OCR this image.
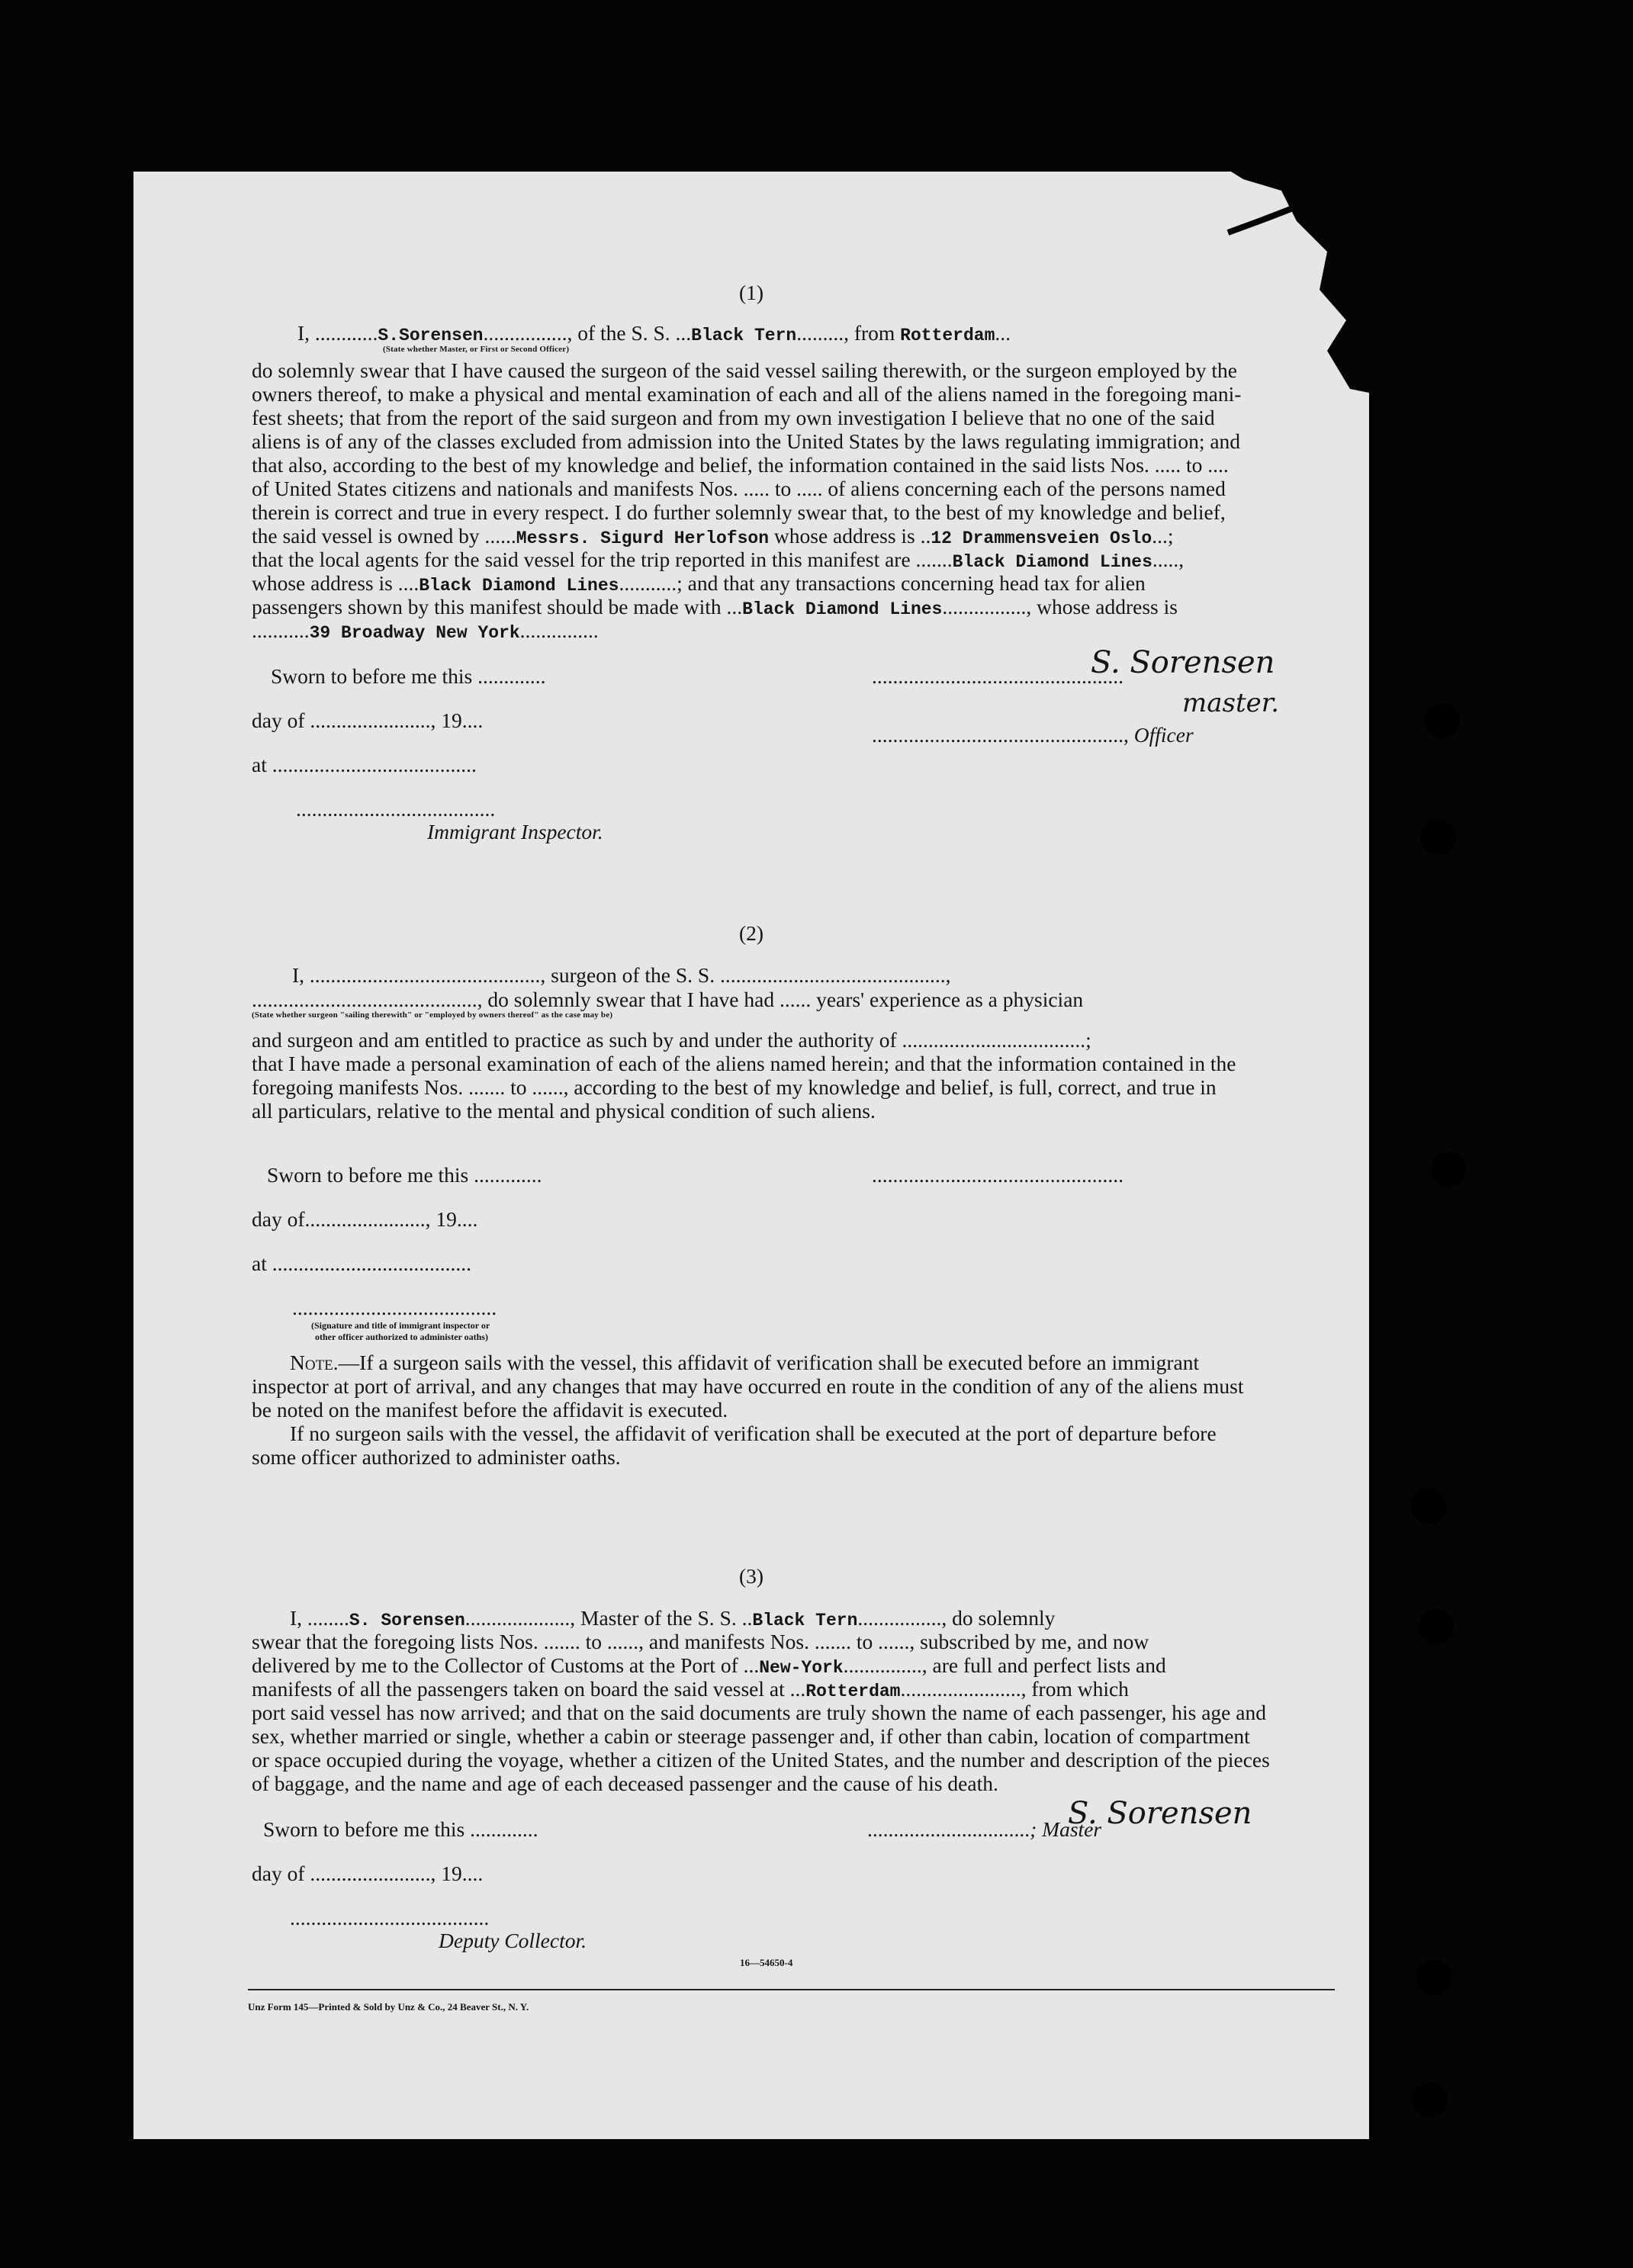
(1)
I, ............S.Sorensen................, of the S. S. ...Black Tern........., from Rotterdam...
(State whether Master, or First or Second Officer)
do solemnly swear that I have caused the surgeon of the said vessel sailing therewith, or the surgeon employed by the
owners thereof, to make a physical and mental examination of each and all of the aliens named in the foregoing mani-
fest sheets; that from the report of the said surgeon and from my own investigation I believe that no one of the said
aliens is of any of the classes excluded from admission into the United States by the laws regulating immigration; and
that also, according to the best of my knowledge and belief, the information contained in the said lists Nos. ..... to ....
of United States citizens and nationals and manifests Nos. ..... to ..... of aliens concerning each of the persons named
therein is correct and true in every respect. I do further solemnly swear that, to the best of my knowledge and belief,
the said vessel is owned by ......Messrs. Sigurd Herlofson whose address is ..12 Drammensveien Oslo...;
that the local agents for the said vessel for the trip reported in this manifest are .......Black Diamond Lines.....,
whose address is ....Black Diamond Lines...........; and that any transactions concerning head tax for alien
passengers shown by this manifest should be made with ...Black Diamond Lines................, whose address is
...........39 Broadway New York...............
Sworn to before me this .............	................................................
S. Sorensen
master.
day of ......................., 19....
................................................, Officer
at .......................................
......................................
Immigrant Inspector.
(2)
I, ............................................, surgeon of the S. S. ...........................................,
..........................................., do solemnly swear that I have had ...... years' experience as a physician
(State whether surgeon "sailing therewith" or "employed by owners thereof" as the case may be)
and surgeon and am entitled to practice as such by and under the authority of ...................................;
that I have made a personal examination of each of the aliens named herein; and that the information contained in the
foregoing manifests Nos. ....... to ......, according to the best of my knowledge and belief, is full, correct, and true in
all particulars, relative to the mental and physical condition of such aliens.
Sworn to before me this .............	................................................
day of......................., 19....
at ......................................
.......................................
(Signature and title of immigrant inspector or
other officer authorized to administer oaths)
Note.—If a surgeon sails with the vessel, this affidavit of verification shall be executed before an immigrant
inspector at port of arrival, and any changes that may have occurred en route in the condition of any of the aliens must
be noted on the manifest before the affidavit is executed.
If no surgeon sails with the vessel, the affidavit of verification shall be executed at the port of departure before
some officer authorized to administer oaths.
(3)
I, ........S. Sorensen...................., Master of the S. S. ..Black Tern................, do solemnly
swear that the foregoing lists Nos. ....... to ......, and manifests Nos. ....... to ......, subscribed by me, and now
delivered by me to the Collector of Customs at the Port of ...New-York..............., are full and perfect lists and
manifests of all the passengers taken on board the said vessel at ...Rotterdam......................., from which
port said vessel has now arrived; and that on the said documents are truly shown the name of each passenger, his age and
sex, whether married or single, whether a cabin or steerage passenger and, if other than cabin, location of compartment
or space occupied during the voyage, whether a citizen of the United States, and the number and description of the pieces
of baggage, and the name and age of each deceased passenger and the cause of his death.
Sworn to before me this .............	...............................; Master
S. Sorensen
day of ......................., 19....
......................................
Deputy Collector.
16—54650-4
Unz Form 145—Printed & Sold by Unz & Co., 24 Beaver St., N. Y.
